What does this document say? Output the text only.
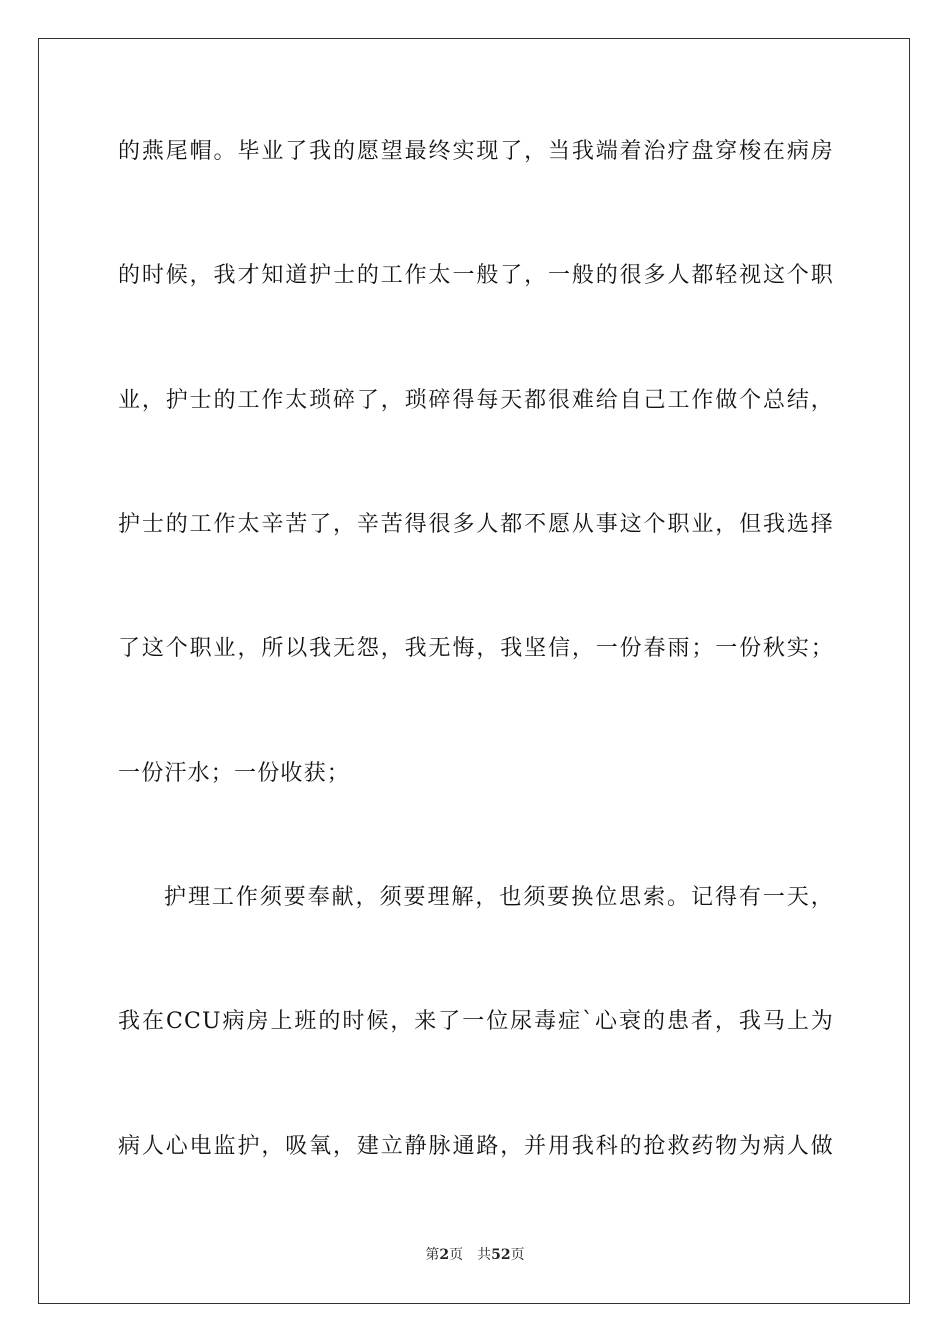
的燕尾帽。毕业了我的愿望最终实现了，当我端着治疗盘穿梭在病房
的时候，我才知道护士的工作太一般了，一般的很多人都轻视这个职
业，护士的工作太琐碎了，琐碎得每天都很难给自己工作做个总结，
护士的工作太辛苦了，辛苦得很多人都不愿从事这个职业，但我选择
了这个职业，所以我无怨，我无悔，我坚信，一份春雨；一份秋实；
一份汗水；一份收获；
护理工作须要奉献，须要理解，也须要换位思索。记得有一天，
我在CCU病房上班的时候，来了一位尿毒症`心衰的患者，我马上为
病人心电监护，吸氧，建立静脉通路，并用我科的抢救药物为病人做
第2页 共52页
